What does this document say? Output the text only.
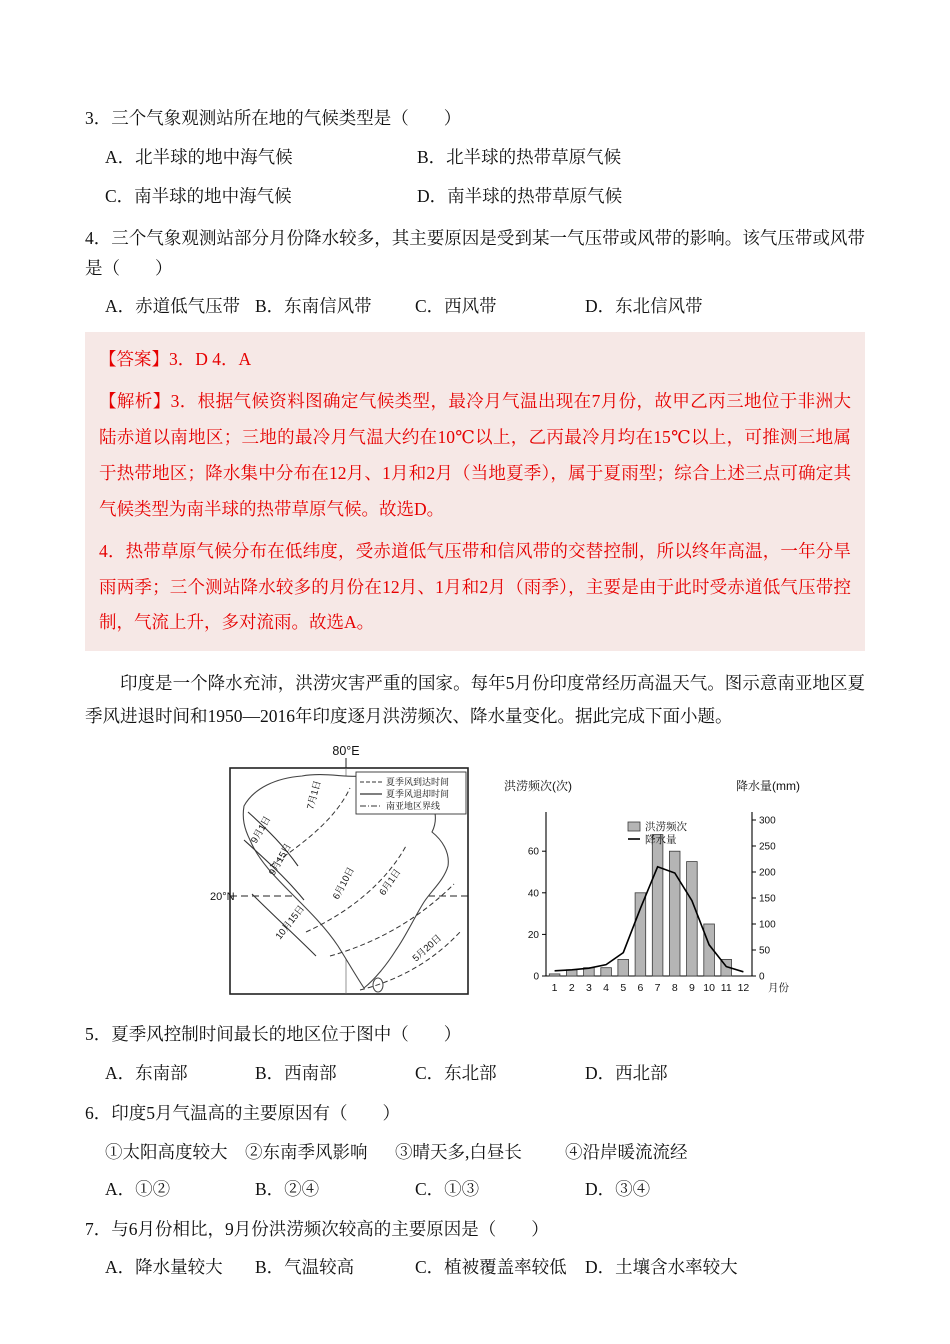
3．三个气象观测站所在地的气候类型是（　　）

A．北半球的地中海气候	B．北半球的热带草原气候
C．南半球的地中海气候	D．南半球的热带草原气候

4．三个气象观测站部分月份降水较多，其主要原因是受到某一气压带或风带的影响。该气压带或风带是（　　）

A．赤道低气压带 B．东南信风带	C．西风带	D．东北信风带

【答案】3．D 4．A

【解析】3．根据气候资料图确定气候类型，最冷月气温出现在7月份，故甲乙丙三地位于非洲大陆赤道以南地区；三地的最冷月气温大约在10℃以上，乙丙最冷月均在15℃以上，可推测三地属于热带地区；降水集中分布在12月、1月和2月（当地夏季），属于夏雨型；综合上述三点可确定其气候类型为南半球的热带草原气候。故选D。

4．热带草原气候分布在低纬度，受赤道低气压带和信风带的交替控制，所以终年高温，一年分旱雨两季；三个测站降水较多的月份在12月、1月和2月（雨季），主要是由于此时受赤道低气压带控制，气流上升，多对流雨。故选A。

印度是一个降水充沛，洪涝灾害严重的国家。每年5月份印度常经历高温天气。图示意南亚地区夏季风进退时间和1950—2016年印度逐月洪涝频次、降水量变化。据此完成下面小题。

80°E
20°N
7月1日
9月1日
9月15日
10月15日
6月10日 6月1日
5月20日
夏季风到达时间
夏季风退却时间
南亚地区界线
0
20
40
60
0
50
100
150
200
250
300
1 2 3 4 5 6 7 8 9 10 11 12 月份
洪涝频次(次)	降水量(mm)
洪涝频次
降水量

5．夏季风控制时间最长的地区位于图中（　　）

A．东南部	B．西南部	C．东北部	D．西北部

6．印度5月气温高的主要原因有（　　）

①太阳高度较大	②东南季风影响	③晴天多,白昼长	④沿岸暖流流经
A．①②	B．②④	C．①③	D．③④

7．与6月份相比，9月份洪涝频次较高的主要原因是（　　）

A．降水量较大	B．气温较高	C．植被覆盖率较低	D．土壤含水率较大
